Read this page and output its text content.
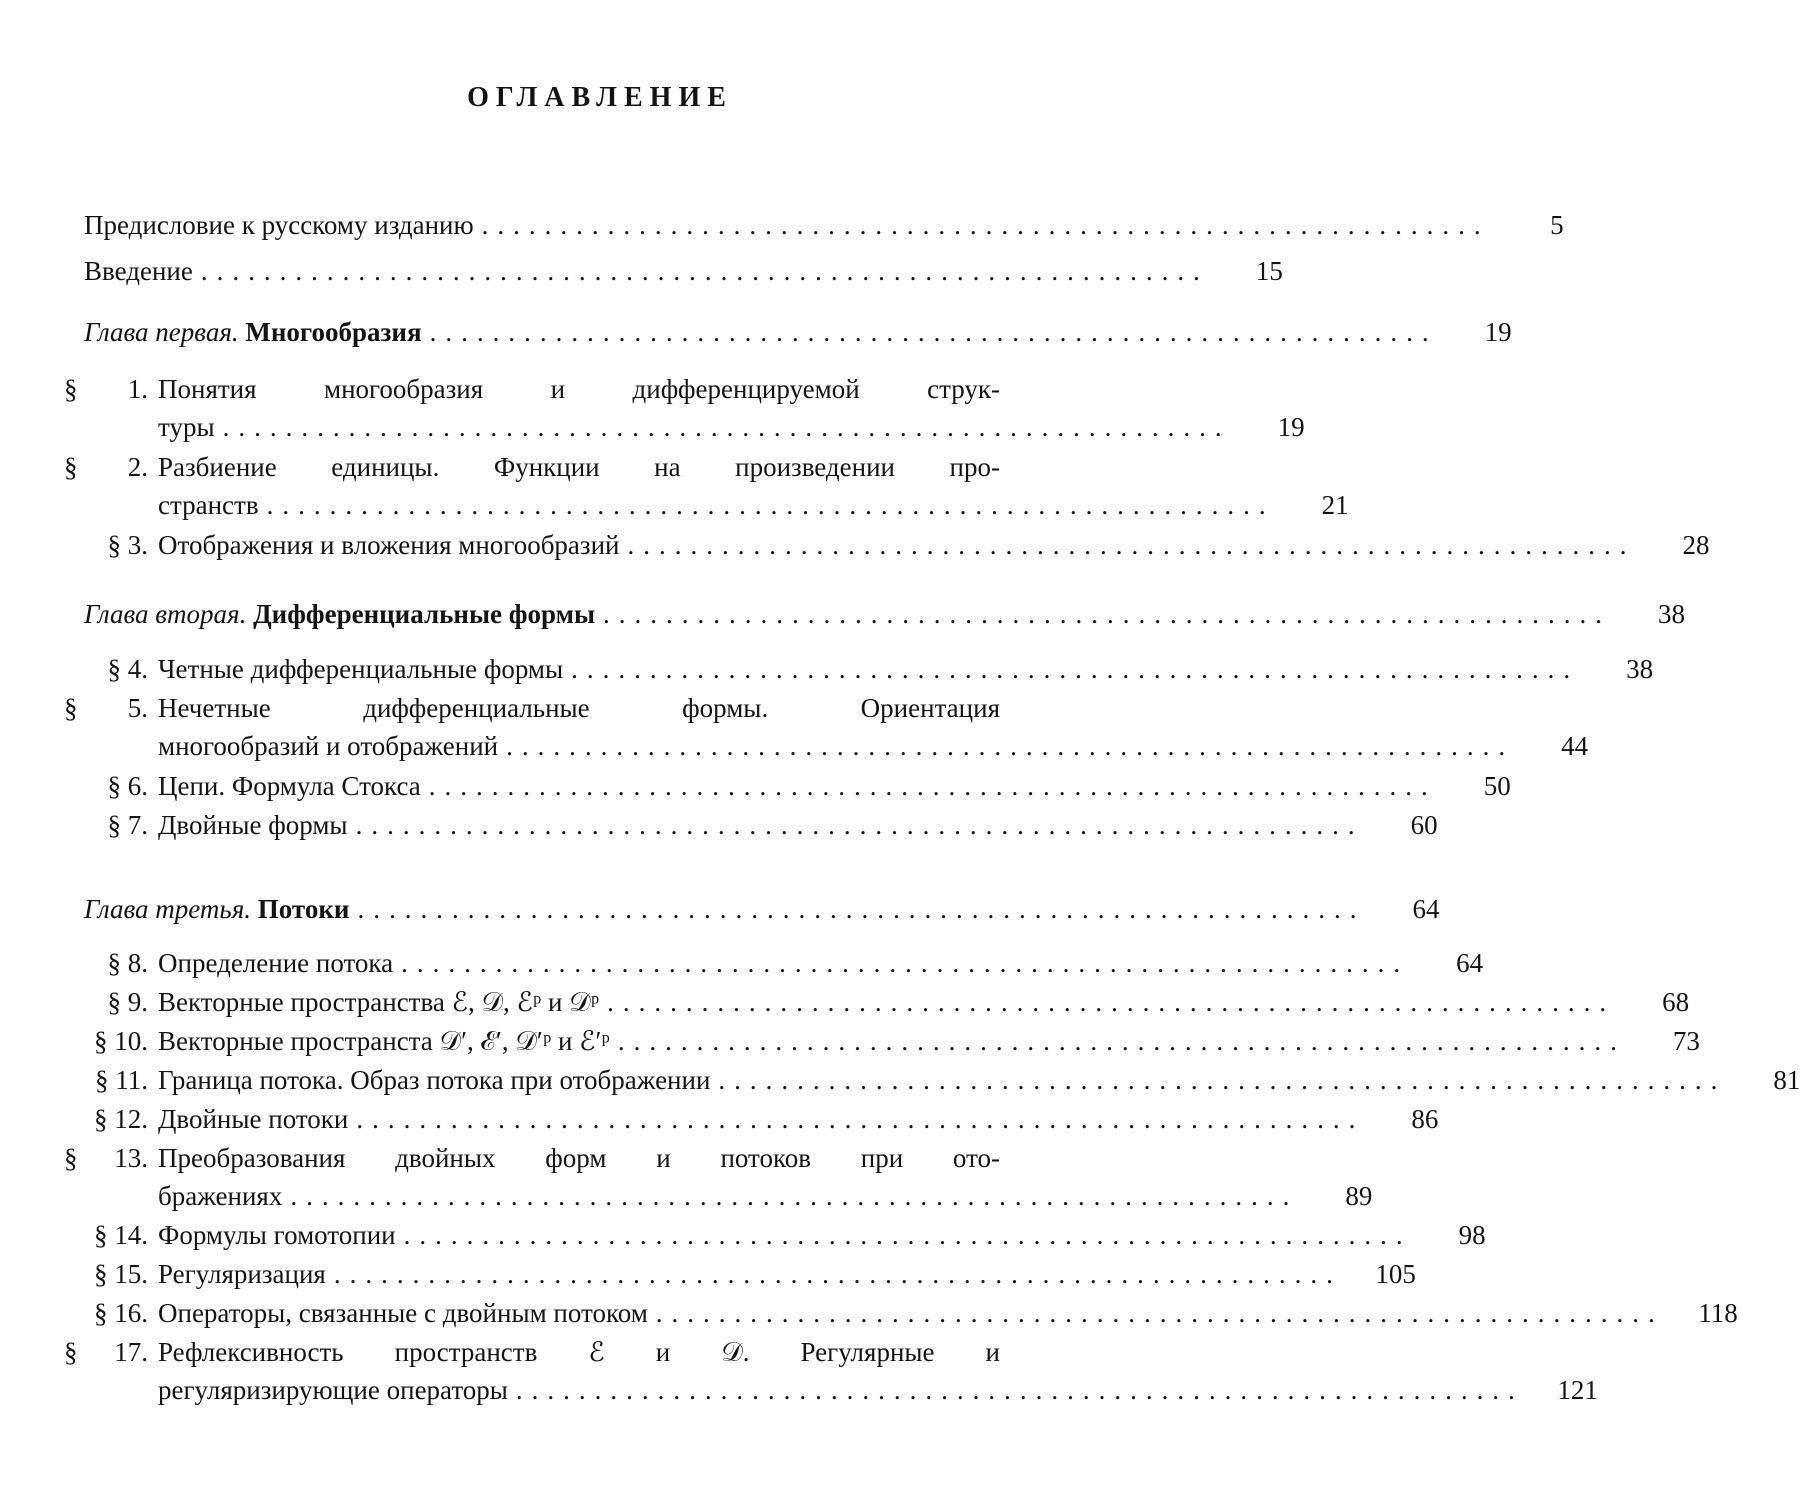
ОГЛАВЛЕНИЕ
Предисловие к русскому изданию ................................................................	5
Введение ................................................................	15
Глава первая. Многообразия ................................................................	19
§ 1. Понятия многообразия и дифференцируемой струк-
туры ................................................................	19
§ 2. Разбиение единицы. Функции на произведении про-
странств ................................................................	21
§ 3. Отображения и вложения многообразий ................................................................	28
Глава вторая. Дифференциальные формы ................................................................	38
§ 4. Четные дифференциальные формы ................................................................	38
§ 5. Нечетные дифференциальные формы. Ориентация
многообразий и отображений ................................................................	44
§ 6. Цепи. Формула Стокса ................................................................	50
§ 7. Двойные формы ................................................................	60
Глава третья. Потоки ................................................................	64
§ 8. Определение потока ................................................................	64
§ 9. Векторные пространства ℰ, 𝒟, ℰᵖ и 𝒟ᵖ ................................................................	68
§ 10. Векторные пространста 𝒟′, ℰ′, 𝒟′ᵖ и ℰ′ᵖ ................................................................	73
§ 11. Граница потока. Образ потока при отображении ................................................................	81
§ 12. Двойные потоки ................................................................	86
§ 13. Преобразования двойных форм и потоков при ото-
бражениях ................................................................	89
§ 14. Формулы гомотопии ................................................................	98
§ 15. Регуляризация ................................................................	105
§ 16. Операторы, связанные с двойным потоком ................................................................	118
§ 17. Рефлексивность пространств ℰ и 𝒟. Регулярные и
регуляризирующие операторы ................................................................	121
